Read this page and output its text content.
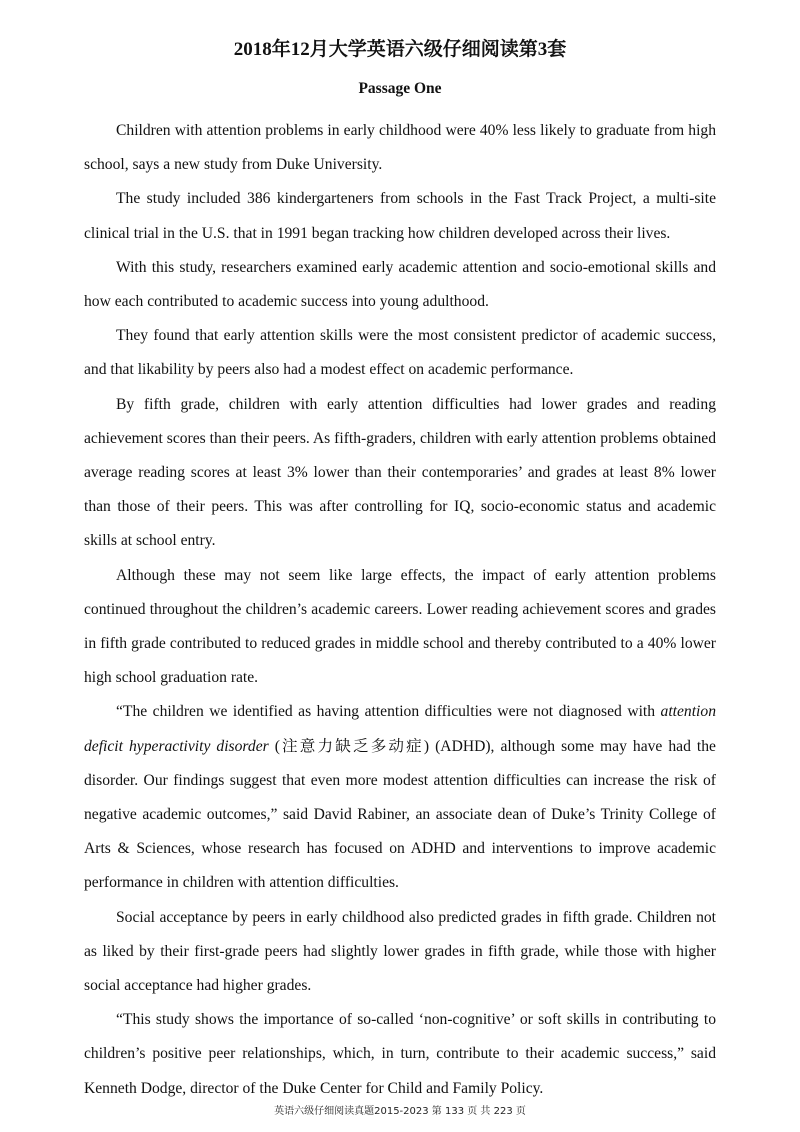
2018年12月大学英语六级仔细阅读第3套
Passage One

Children with attention problems in early childhood were 40% less likely to graduate from high school, says a new study from Duke University.

The study included 386 kindergarteners from schools in the Fast Track Project, a multi-site clinical trial in the U.S. that in 1991 began tracking how children developed across their lives.

With this study, researchers examined early academic attention and socio-emotional skills and how each contributed to academic success into young adulthood.

They found that early attention skills were the most consistent predictor of academic success, and that likability by peers also had a modest effect on academic performance.

By fifth grade, children with early attention difficulties had lower grades and reading achievement scores than their peers. As fifth-graders, children with early attention problems obtained average reading scores at least 3% lower than their contemporaries’ and grades at least 8% lower than those of their peers. This was after controlling for IQ, socio-economic status and academic skills at school entry.

Although these may not seem like large effects, the impact of early attention problems continued throughout the children’s academic careers. Lower reading achievement scores and grades in fifth grade contributed to reduced grades in middle school and thereby contributed to a 40% lower high school graduation rate.

“The children we identified as having attention difficulties were not diagnosed with attention deficit hyperactivity disorder (注意力缺乏多动症) (ADHD), although some may have had the disorder. Our findings suggest that even more modest attention difficulties can increase the risk of negative academic outcomes,” said David Rabiner, an associate dean of Duke’s Trinity College of Arts & Sciences, whose research has focused on ADHD and interventions to improve academic performance in children with attention difficulties.

Social acceptance by peers in early childhood also predicted grades in fifth grade. Children not as liked by their first-grade peers had slightly lower grades in fifth grade, while those with higher social acceptance had higher grades.

“This study shows the importance of so-called ‘non-cognitive’ or soft skills in contributing to children’s positive peer relationships, which, in turn, contribute to their academic success,” said Kenneth Dodge, director of the Duke Center for Child and Family Policy.

英语六级仔细阅读真题2015-2023 第 133 页 共 223 页
